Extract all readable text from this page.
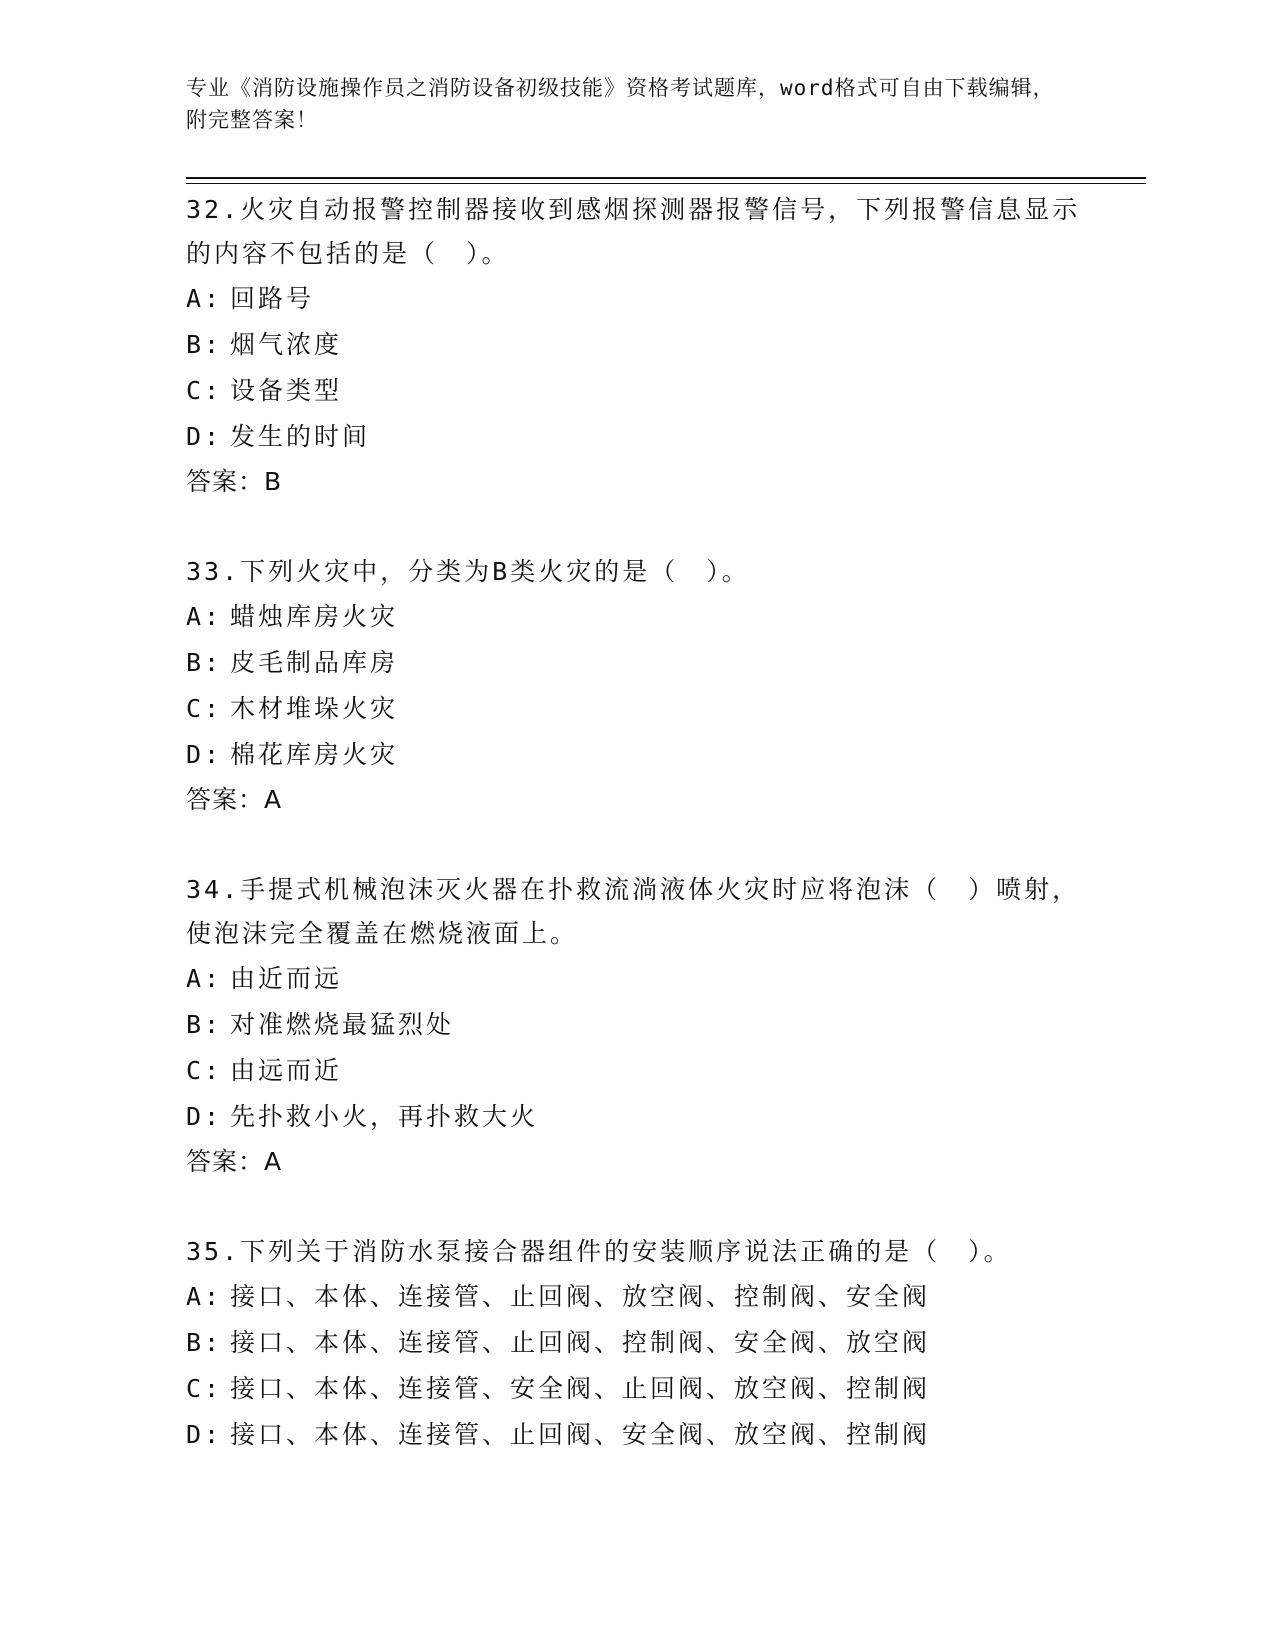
专业《消防设施操作员之消防设备初级技能》资格考试题库，word格式可自由下载编辑，附完整答案！
32.火灾自动报警控制器接收到感烟探测器报警信号，下列报警信息显示的内容不包括的是（　）。
A: 回路号
B: 烟气浓度
C: 设备类型
D: 发生的时间
答案：B
33.下列火灾中，分类为B类火灾的是（　）。
A: 蜡烛库房火灾
B: 皮毛制品库房
C: 木材堆垛火灾
D: 棉花库房火灾
答案：A
34.手提式机械泡沫灭火器在扑救流淌液体火灾时应将泡沫（　）喷射，使泡沫完全覆盖在燃烧液面上。
A: 由近而远
B: 对准燃烧最猛烈处
C: 由远而近
D: 先扑救小火，再扑救大火
答案：A
35.下列关于消防水泵接合器组件的安装顺序说法正确的是（　）。
A: 接口、本体、连接管、止回阀、放空阀、控制阀、安全阀
B: 接口、本体、连接管、止回阀、控制阀、安全阀、放空阀
C: 接口、本体、连接管、安全阀、止回阀、放空阀、控制阀
D: 接口、本体、连接管、止回阀、安全阀、放空阀、控制阀
